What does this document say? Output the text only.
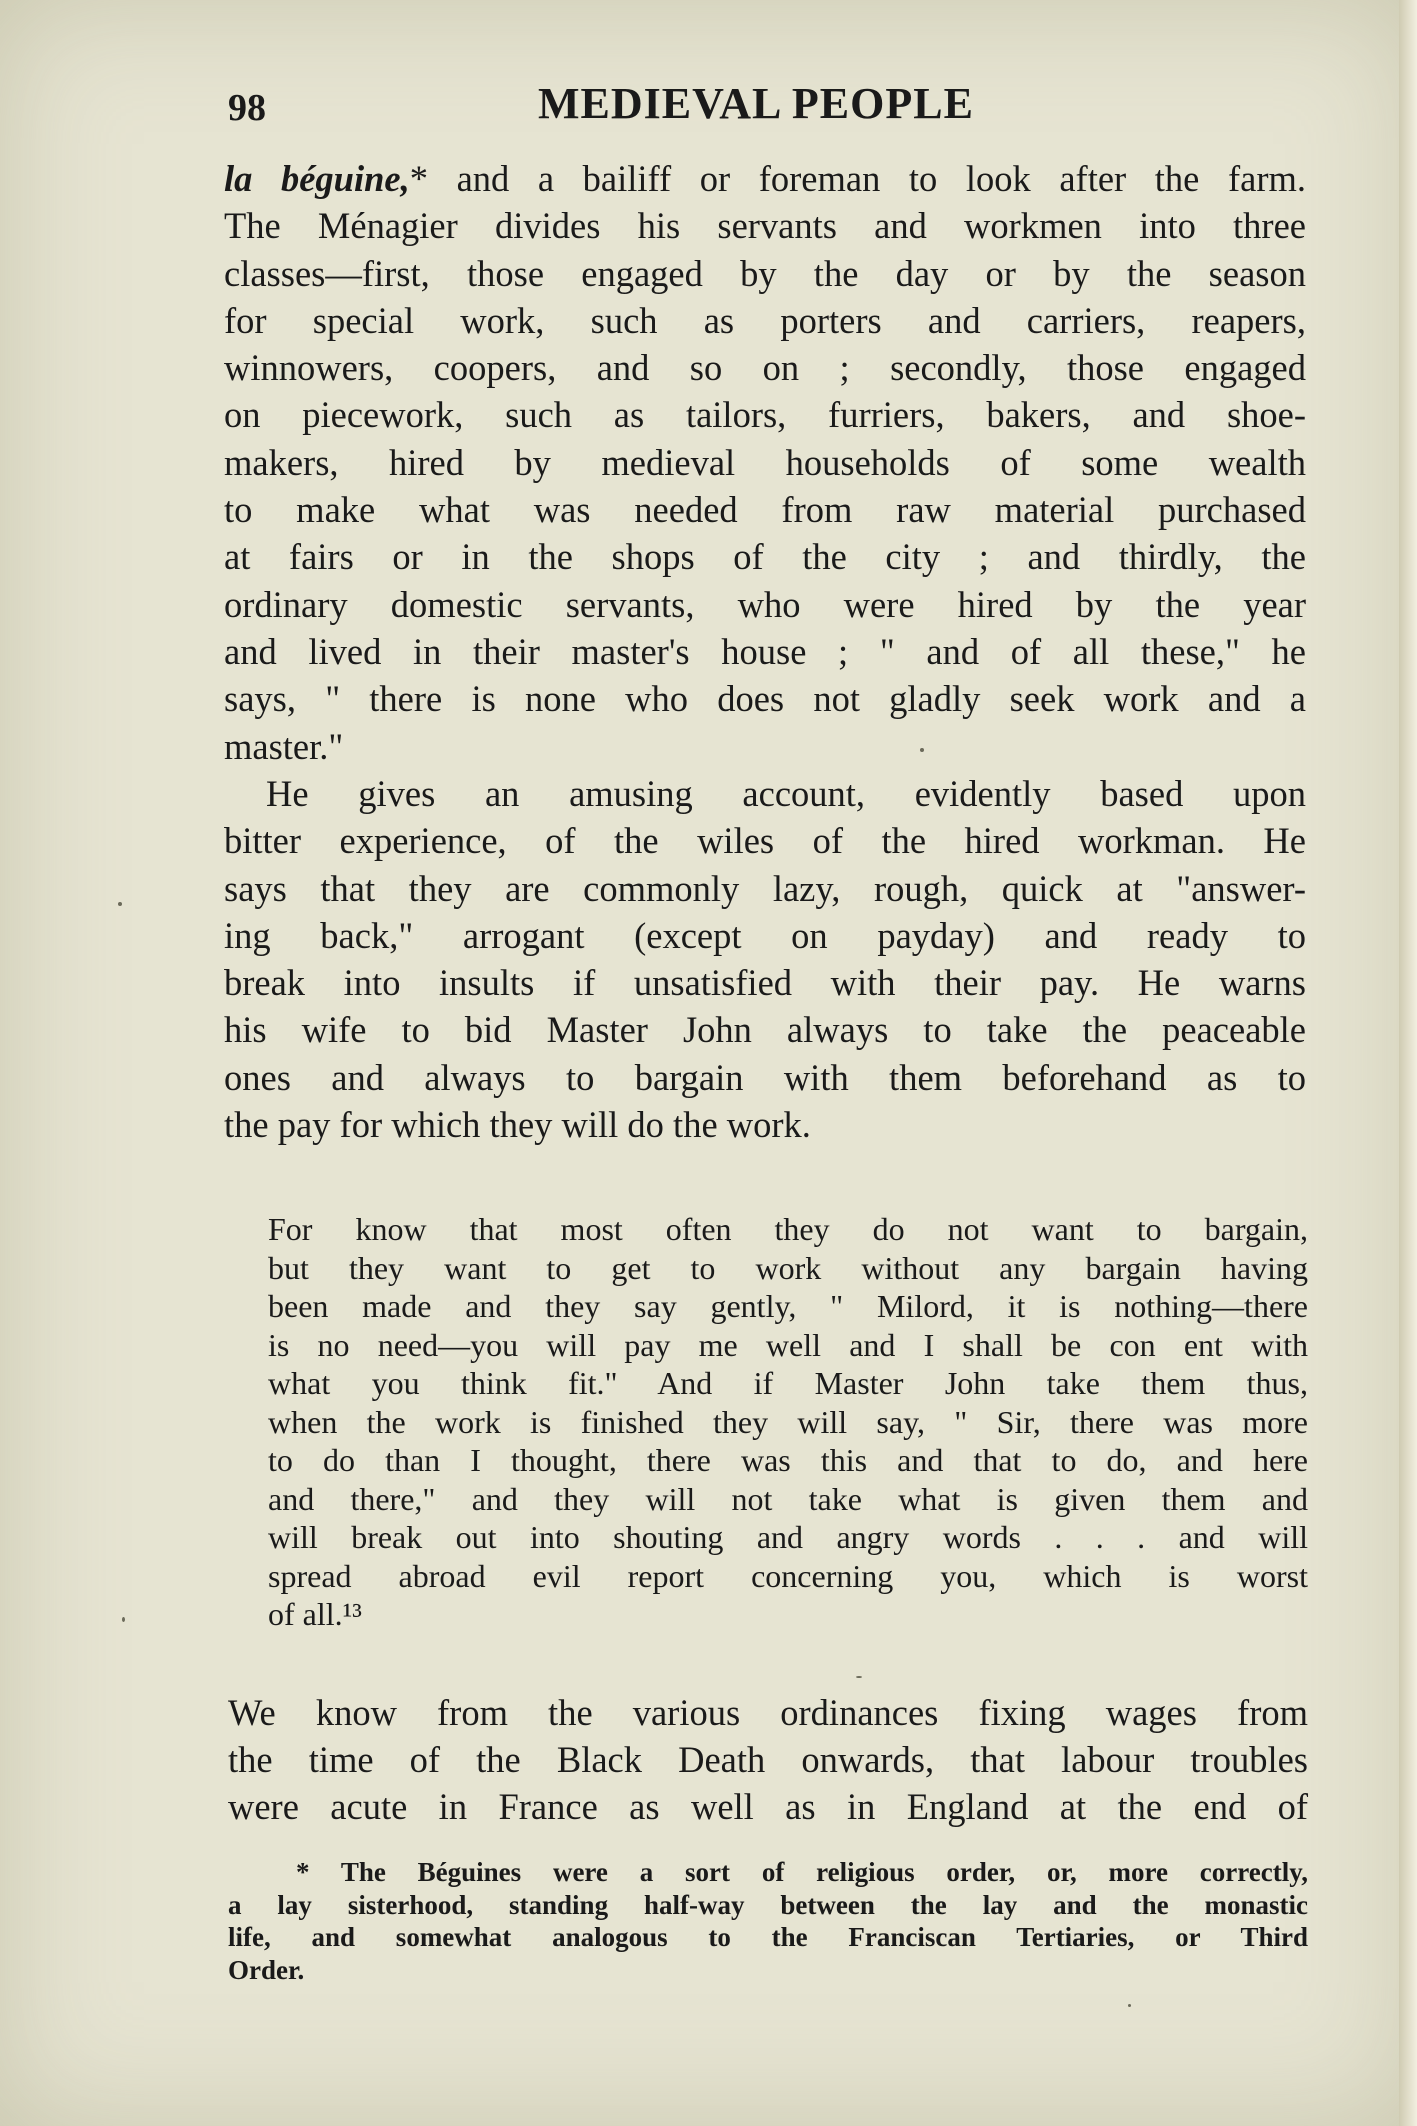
98	MEDIEVAL PEOPLE
la béguine,* and a bailiff or foreman to look after the farm.
The Ménagier divides his servants and workmen into three
classes—first, those engaged by the day or by the season
for special work, such as porters and carriers, reapers,
winnowers, coopers, and so on ; secondly, those engaged
on piecework, such as tailors, furriers, bakers, and shoe-
makers, hired by medieval households of some wealth
to make what was needed from raw material purchased
at fairs or in the shops of the city ; and thirdly, the
ordinary domestic servants, who were hired by the year
and lived in their master's house ; " and of all these," he
says, " there is none who does not gladly seek work and a
master."
He gives an amusing account, evidently based upon
bitter experience, of the wiles of the hired workman. He
says that they are commonly lazy, rough, quick at "answer-
ing back," arrogant (except on payday) and ready to
break into insults if unsatisfied with their pay. He warns
his wife to bid Master John always to take the peaceable
ones and always to bargain with them beforehand as to
the pay for which they will do the work.
For know that most often they do not want to bargain,
but they want to get to work without any bargain having
been made and they say gently, " Milord, it is nothing—there
is no need—you will pay me well and I shall be con ent with
what you think fit." And if Master John take them thus,
when the work is finished they will say, " Sir, there was more
to do than I thought, there was this and that to do, and here
and there," and they will not take what is given them and
will break out into shouting and angry words . . . and will
spread abroad evil report concerning you, which is worst
of all.¹³
We know from the various ordinances fixing wages from
the time of the Black Death onwards, that labour troubles
were acute in France as well as in England at the end of
* The Béguines were a sort of religious order, or, more correctly,
a lay sisterhood, standing half-way between the lay and the monastic
life, and somewhat analogous to the Franciscan Tertiaries, or Third
Order.
